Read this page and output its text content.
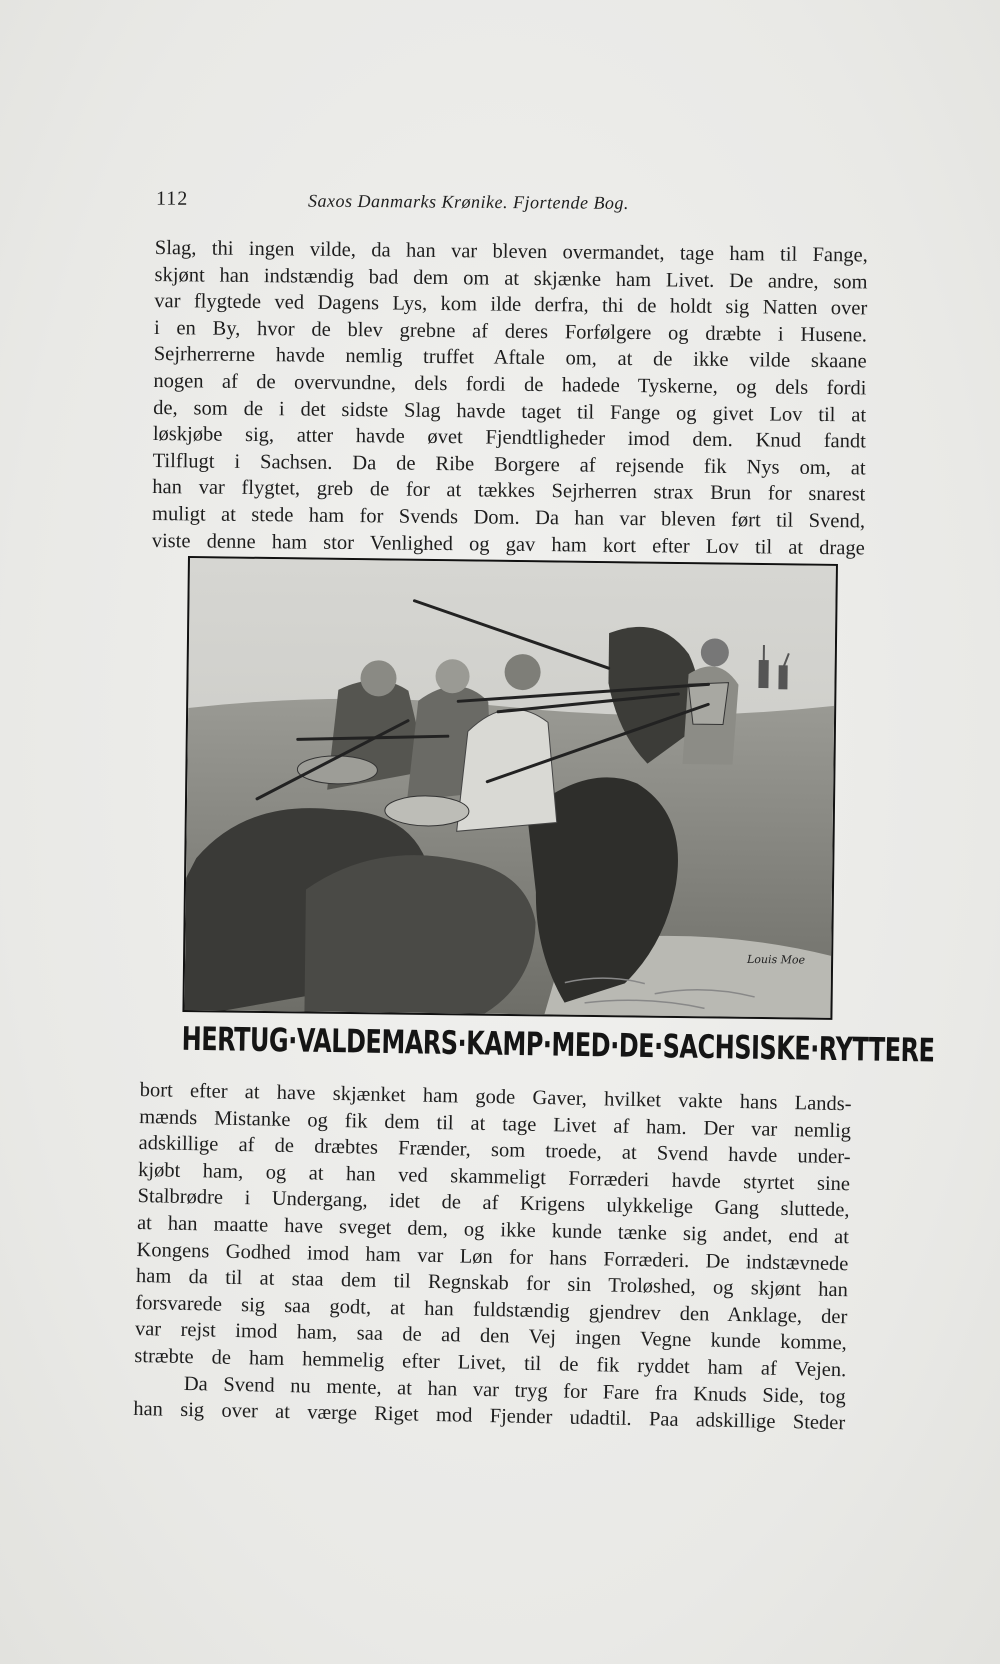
112	Saxos Danmarks Krønike. Fjortende Bog.

Slag, thi ingen vilde, da han var bleven overmandet, tage ham til Fange,

skjønt han indstændig bad dem om at skjænke ham Livet. De andre, som

var flygtede ved Dagens Lys, kom ilde derfra, thi de holdt sig Natten over

i en By, hvor de blev grebne af deres Forfølgere og dræbte i Husene.

Sejrherrerne havde nemlig truffet Aftale om, at de ikke vilde skaane

nogen af de overvundne, dels fordi de hadede Tyskerne, og dels fordi

de, som de i det sidste Slag havde taget til Fange og givet Lov til at

løskjøbe sig, atter havde øvet Fjendtligheder imod dem. Knud fandt

Tilflugt i Sachsen. Da de Ribe Borgere af rejsende fik Nys om, at

han var flygtet, greb de for at tækkes Sejrherren strax Brun for snarest

muligt at stede ham for Svends Dom. Da han var bleven ført til Svend,

viste denne ham stor Venlighed og gav ham kort efter Lov til at drage

Louis Moe
HERTUG·VALDEMARS·KAMP·MED·DE·SACHSISKE·RYTTERE

bort efter at have skjænket ham gode Gaver, hvilket vakte hans Lands-

mænds Mistanke og fik dem til at tage Livet af ham. Der var nemlig

adskillige af de dræbtes Frænder, som troede, at Svend havde under-

kjøbt ham, og at han ved skammeligt Forræderi havde styrtet sine

Stalbrødre i Undergang, idet de af Krigens ulykkelige Gang sluttede,

at han maatte have sveget dem, og ikke kunde tænke sig andet, end at

Kongens Godhed imod ham var Løn for hans Forræderi. De indstævnede

ham da til at staa dem til Regnskab for sin Troløshed, og skjønt han

forsvarede sig saa godt, at han fuldstændig gjendrev den Anklage, der

var rejst imod ham, saa de ad den Vej ingen Vegne kunde komme,

stræbte de ham hemmelig efter Livet, til de fik ryddet ham af Vejen.

Da Svend nu mente, at han var tryg for Fare fra Knuds Side, tog

han sig over at værge Riget mod Fjender udadtil. Paa adskillige Steder
